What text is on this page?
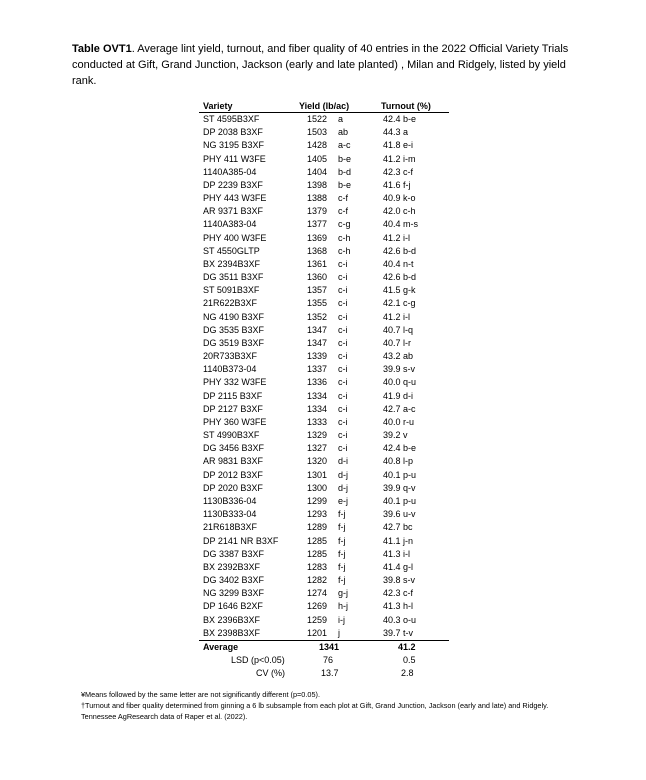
Table OVT1. Average lint yield, turnout, and fiber quality of 40 entries in the 2022 Official Variety Trials conducted at Gift, Grand Junction, Jackson (early and late planted) , Milan and Ridgely, listed by yield rank.
Variety	Yield (lb/ac)	Turnout (%)
ST 4595B3XF	1522 a	42.4 b-e
DP 2038 B3XF	1503 ab	44.3 a
NG 3195 B3XF	1428 a-c	41.8 e-i
PHY 411 W3FE	1405 b-e	41.2 i-m
1140A385-04	1404 b-d	42.3 c-f
DP 2239 B3XF	1398 b-e	41.6 f-j
PHY 443 W3FE	1388 c-f	40.9 k-o
AR 9371 B3XF	1379 c-f	42.0 c-h
1140A383-04	1377 c-g	40.4 m-s
PHY 400 W3FE	1369 c-h	41.2 i-l
ST 4550GLTP	1368 c-h	42.6 b-d
BX 2394B3XF	1361 c-i	40.4 n-t
DG 3511 B3XF	1360 c-i	42.6 b-d
ST 5091B3XF	1357 c-i	41.5 g-k
21R622B3XF	1355 c-i	42.1 c-g
NG 4190 B3XF	1352 c-i	41.2 i-l
DG 3535 B3XF	1347 c-i	40.7 l-q
DG 3519 B3XF	1347 c-i	40.7 l-r
20R733B3XF	1339 c-i	43.2 ab
1140B373-04	1337 c-i	39.9 s-v
PHY 332 W3FE	1336 c-i	40.0 q-u
DP 2115 B3XF	1334 c-i	41.9 d-i
DP 2127 B3XF	1334 c-i	42.7 a-c
PHY 360 W3FE	1333 c-i	40.0 r-u
ST 4990B3XF	1329 c-i	39.2 v
DG 3456 B3XF	1327 c-i	42.4 b-e
AR 9831 B3XF	1320 d-i	40.8 l-p
DP 2012 B3XF	1301 d-j	40.1 p-u
DP 2020 B3XF	1300 d-j	39.9 q-v
1130B336-04	1299 e-j	40.1 p-u
1130B333-04	1293 f-j	39.6 u-v
21R618B3XF	1289 f-j	42.7 bc
DP 2141 NR B3XF	1285 f-j	41.1 j-n
DG 3387 B3XF	1285 f-j	41.3 i-l
BX 2392B3XF	1283 f-j	41.4 g-l
DG 3402 B3XF	1282 f-j	39.8 s-v
NG 3299 B3XF	1274 g-j	42.3 c-f
DP 1646 B2XF	1269 h-j	41.3 h-l
BX 2396B3XF	1259 i-j	40.3 o-u
BX 2398B3XF	1201 j	39.7 t-v
Average	1341	41.2
LSD (p<0.05)	76	0.5
CV (%)	13.7	2.8
¥Means followed by the same letter are not significantly different (p=0.05).
†Turnout and fiber quality determined from ginning a 6 lb subsample from each plot at Gift, Grand Junction, Jackson (early and late) and Ridgely.
Tennessee AgResearch data of Raper et al. (2022).
